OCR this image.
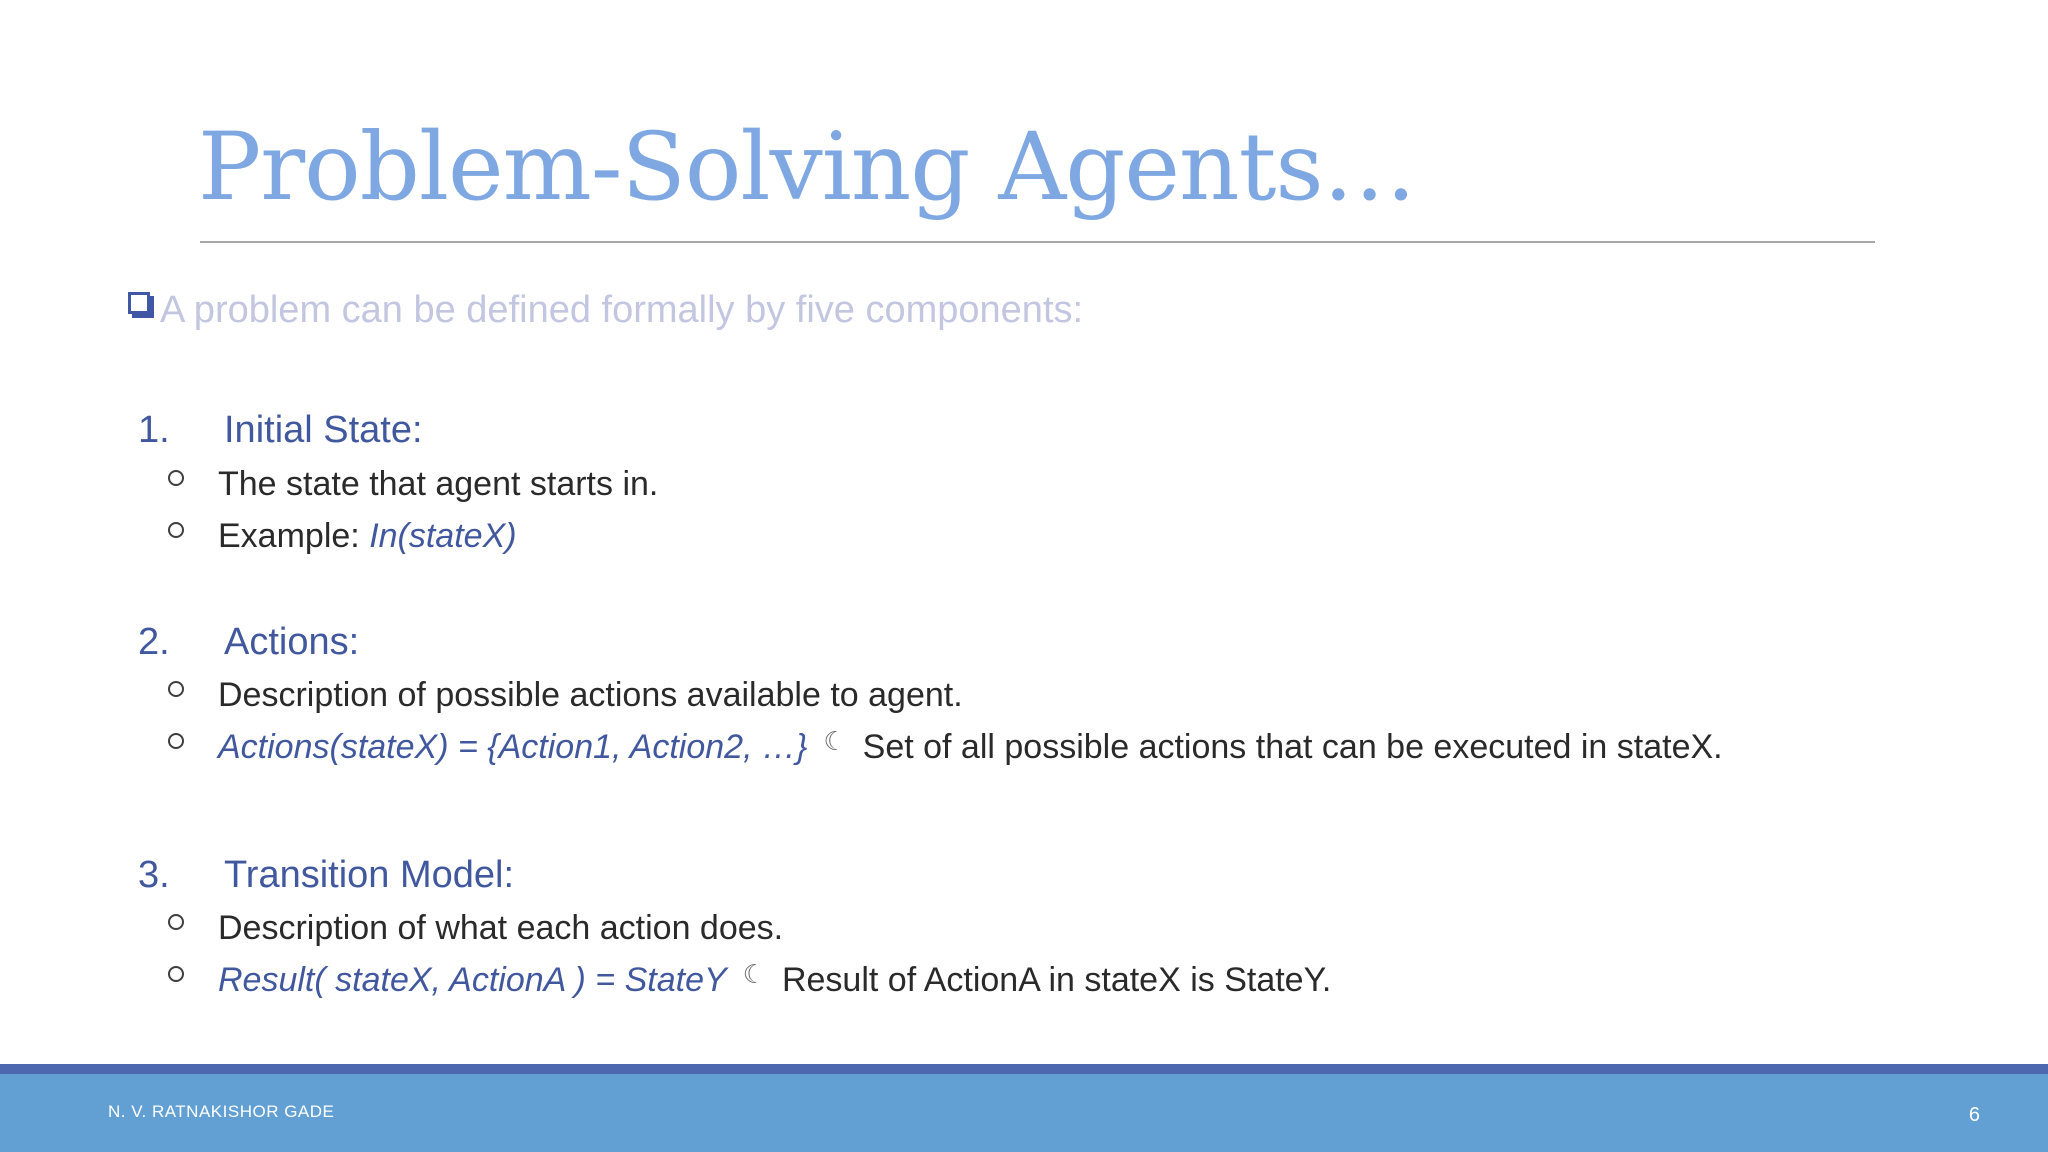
Problem-Solving Agents…
A problem can be defined formally by five components:
1. Initial State:
The state that agent starts in.
Example: In(stateX)
2. Actions:
Description of possible actions available to agent.
Actions(stateX) = {Action1, Action2, …} ☾ Set of all possible actions that can be executed in stateX.
3. Transition Model:
Description of what each action does.
Result( stateX, ActionA ) = StateY ☾ Result of ActionA in stateX is StateY.
N. V. RATNAKISHOR GADE	6
